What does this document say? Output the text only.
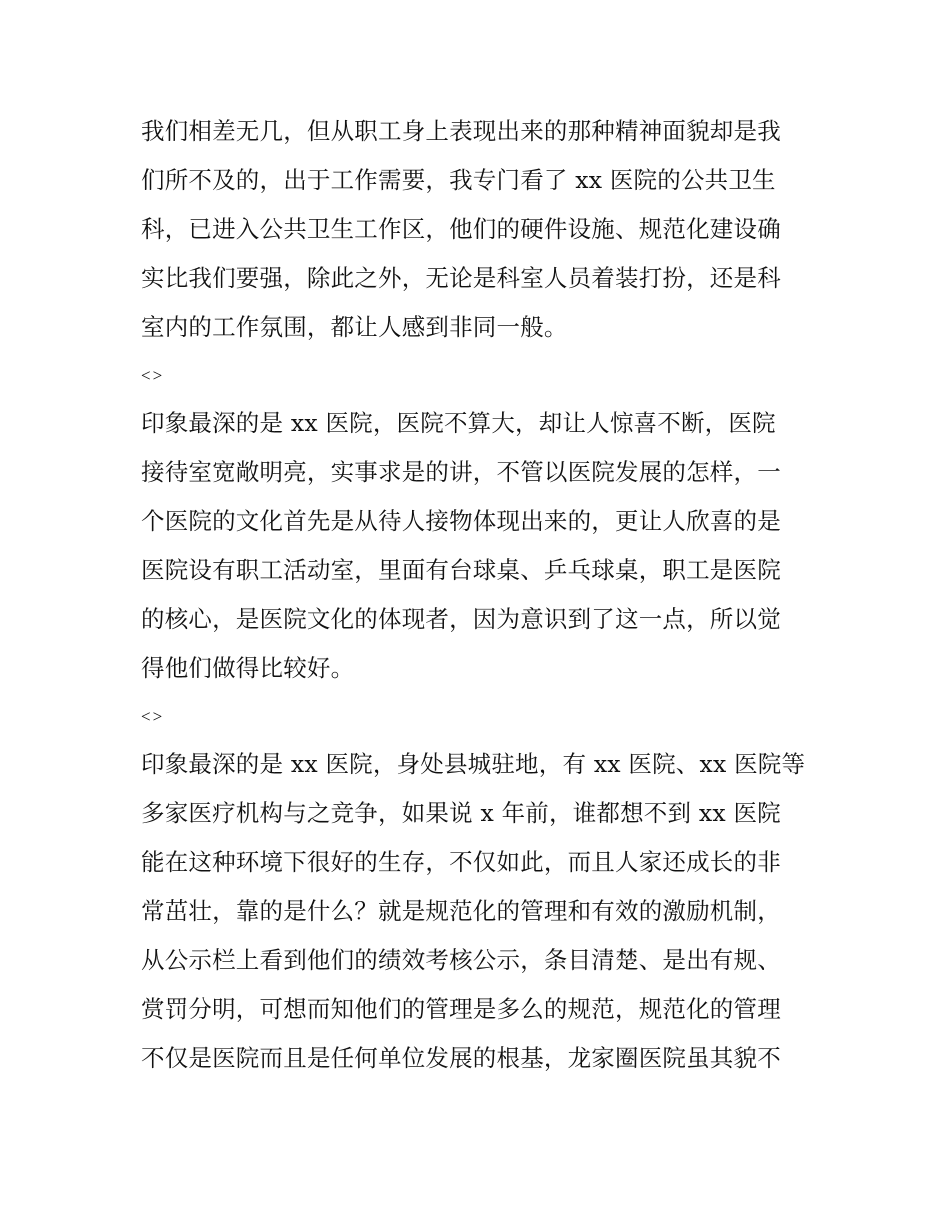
我们相差无几，但从职工身上表现出来的那种精神面貌却是我
们所不及的，出于工作需要，我专门看了 xx 医院的公共卫生
科，已进入公共卫生工作区，他们的硬件设施、规范化建设确
实比我们要强，除此之外，无论是科室人员着装打扮，还是科
室内的工作氛围，都让人感到非同一般。
<>
印象最深的是 xx 医院，医院不算大，却让人惊喜不断，医院
接待室宽敞明亮，实事求是的讲，不管以医院发展的怎样，一
个医院的文化首先是从待人接物体现出来的，更让人欣喜的是
医院设有职工活动室，里面有台球桌、乒乓球桌，职工是医院
的核心，是医院文化的体现者，因为意识到了这一点，所以觉
得他们做得比较好。
<>
印象最深的是 xx 医院，身处县城驻地，有 xx 医院、xx 医院等
多家医疗机构与之竞争，如果说 x 年前，谁都想不到 xx 医院
能在这种环境下很好的生存，不仅如此，而且人家还成长的非
常茁壮，靠的是什么？就是规范化的管理和有效的激励机制，
从公示栏上看到他们的绩效考核公示，条目清楚、是出有规、
赏罚分明，可想而知他们的管理是多么的规范，规范化的管理
不仅是医院而且是任何单位发展的根基，龙家圈医院虽其貌不
